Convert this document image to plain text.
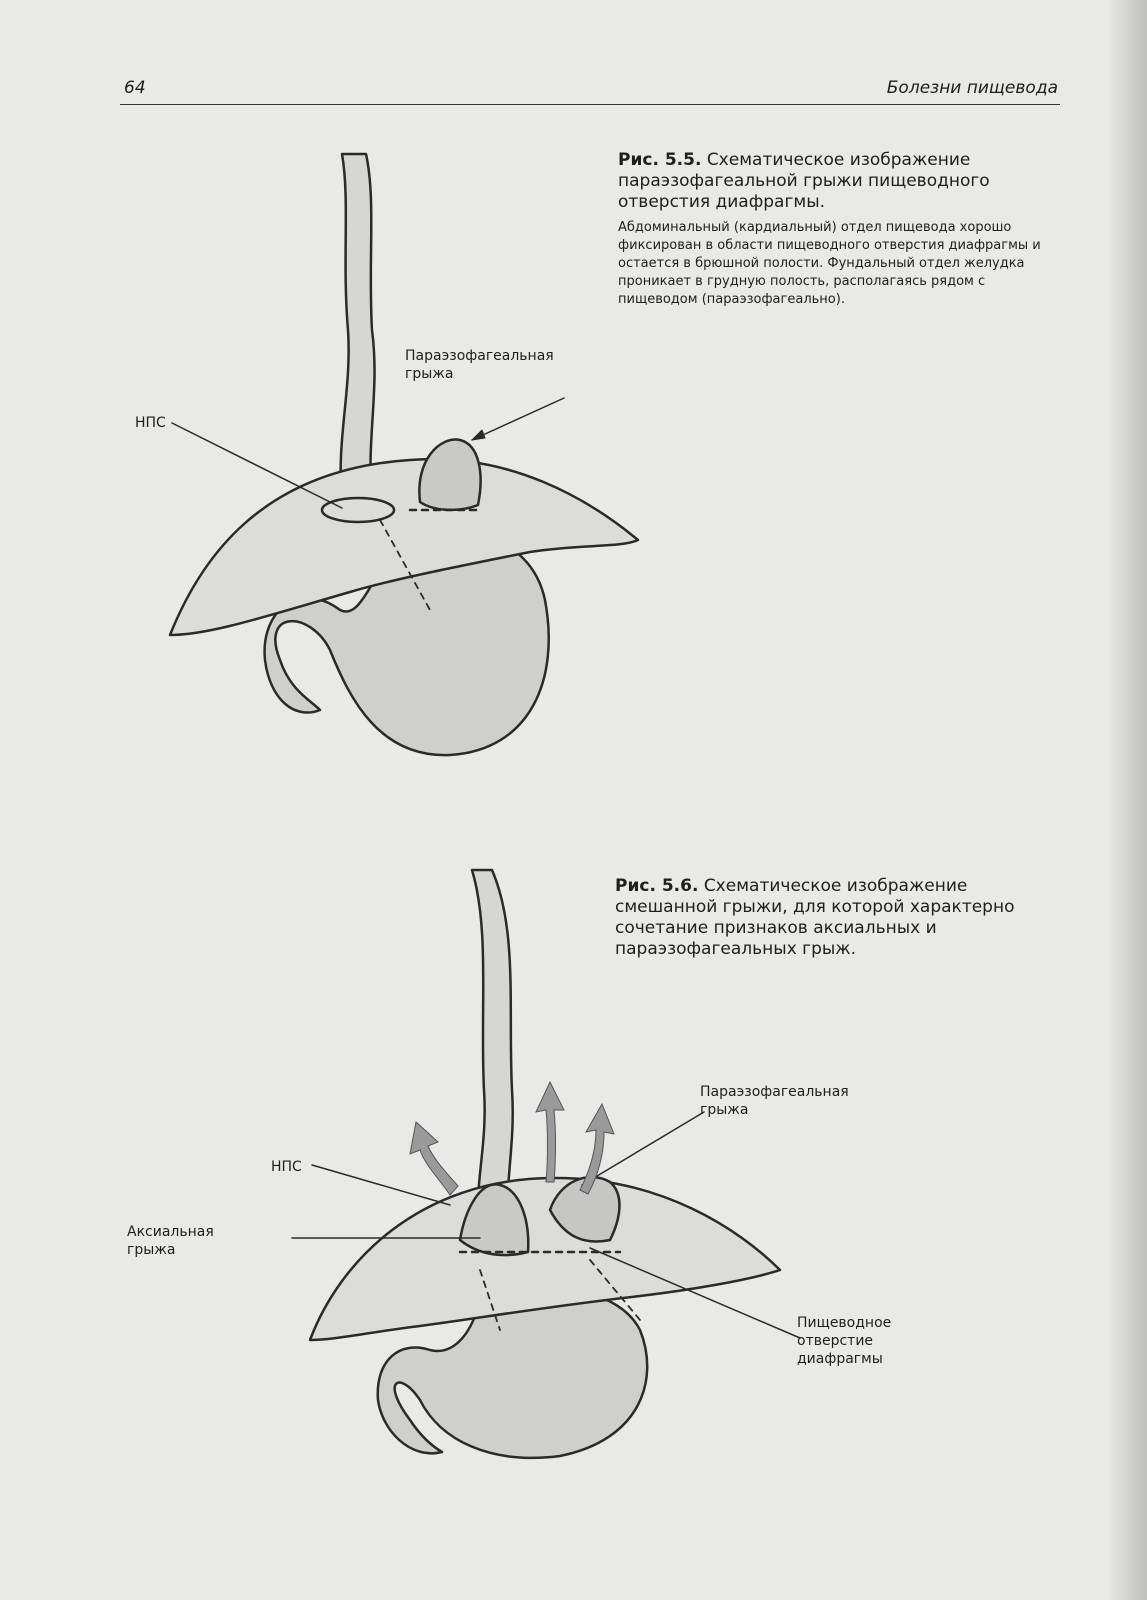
64	Болезни пищевода
Параэзофагеальная
грыжа
НПС

Рис. 5.5. Схематическое изображение параэзофагеальной грыжи пищеводного отверстия диафрагмы.

Абдоминальный (кардиальный) отдел пищевода хорошо фиксирован в области пищеводного отверстия диафрагмы и остается в брюшной полости. Фундальный отдел желудка проникает в грудную полость, располагаясь рядом с пищеводом (параэзофагеально).

Параэзофагеальная
грыжа
НПС
Аксиальная
грыжа
Пищеводное
отверстие
диафрагмы

Рис. 5.6. Схематическое изображение смешанной грыжи, для которой характерно сочетание признаков аксиальных и параэзофагеальных грыж.
